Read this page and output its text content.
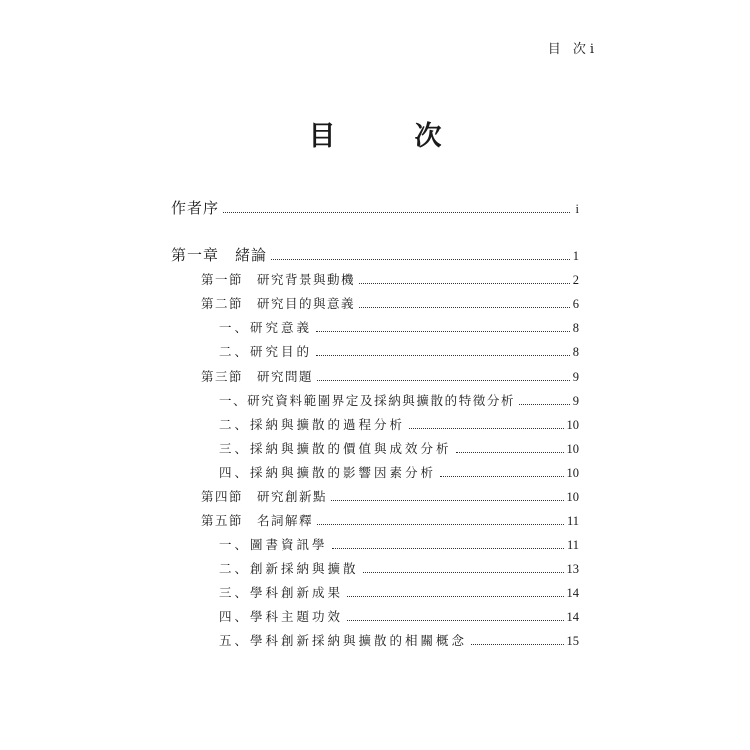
目 次i
目　次
作者序	i
第一章　緒論	1
第一節　研究背景與動機	2
第二節　研究目的與意義	6
一、研究意義	8
二、研究目的	8
第三節　研究問題	9
一、研究資料範圍界定及採納與擴散的特徵分析	9
二、採納與擴散的過程分析	10
三、採納與擴散的價值與成效分析	10
四、採納與擴散的影響因素分析	10
第四節　研究創新點	10
第五節　名詞解釋	11
一、圖書資訊學	11
二、創新採納與擴散	13
三、學科創新成果	14
四、學科主題功效	14
五、學科創新採納與擴散的相關概念	15
